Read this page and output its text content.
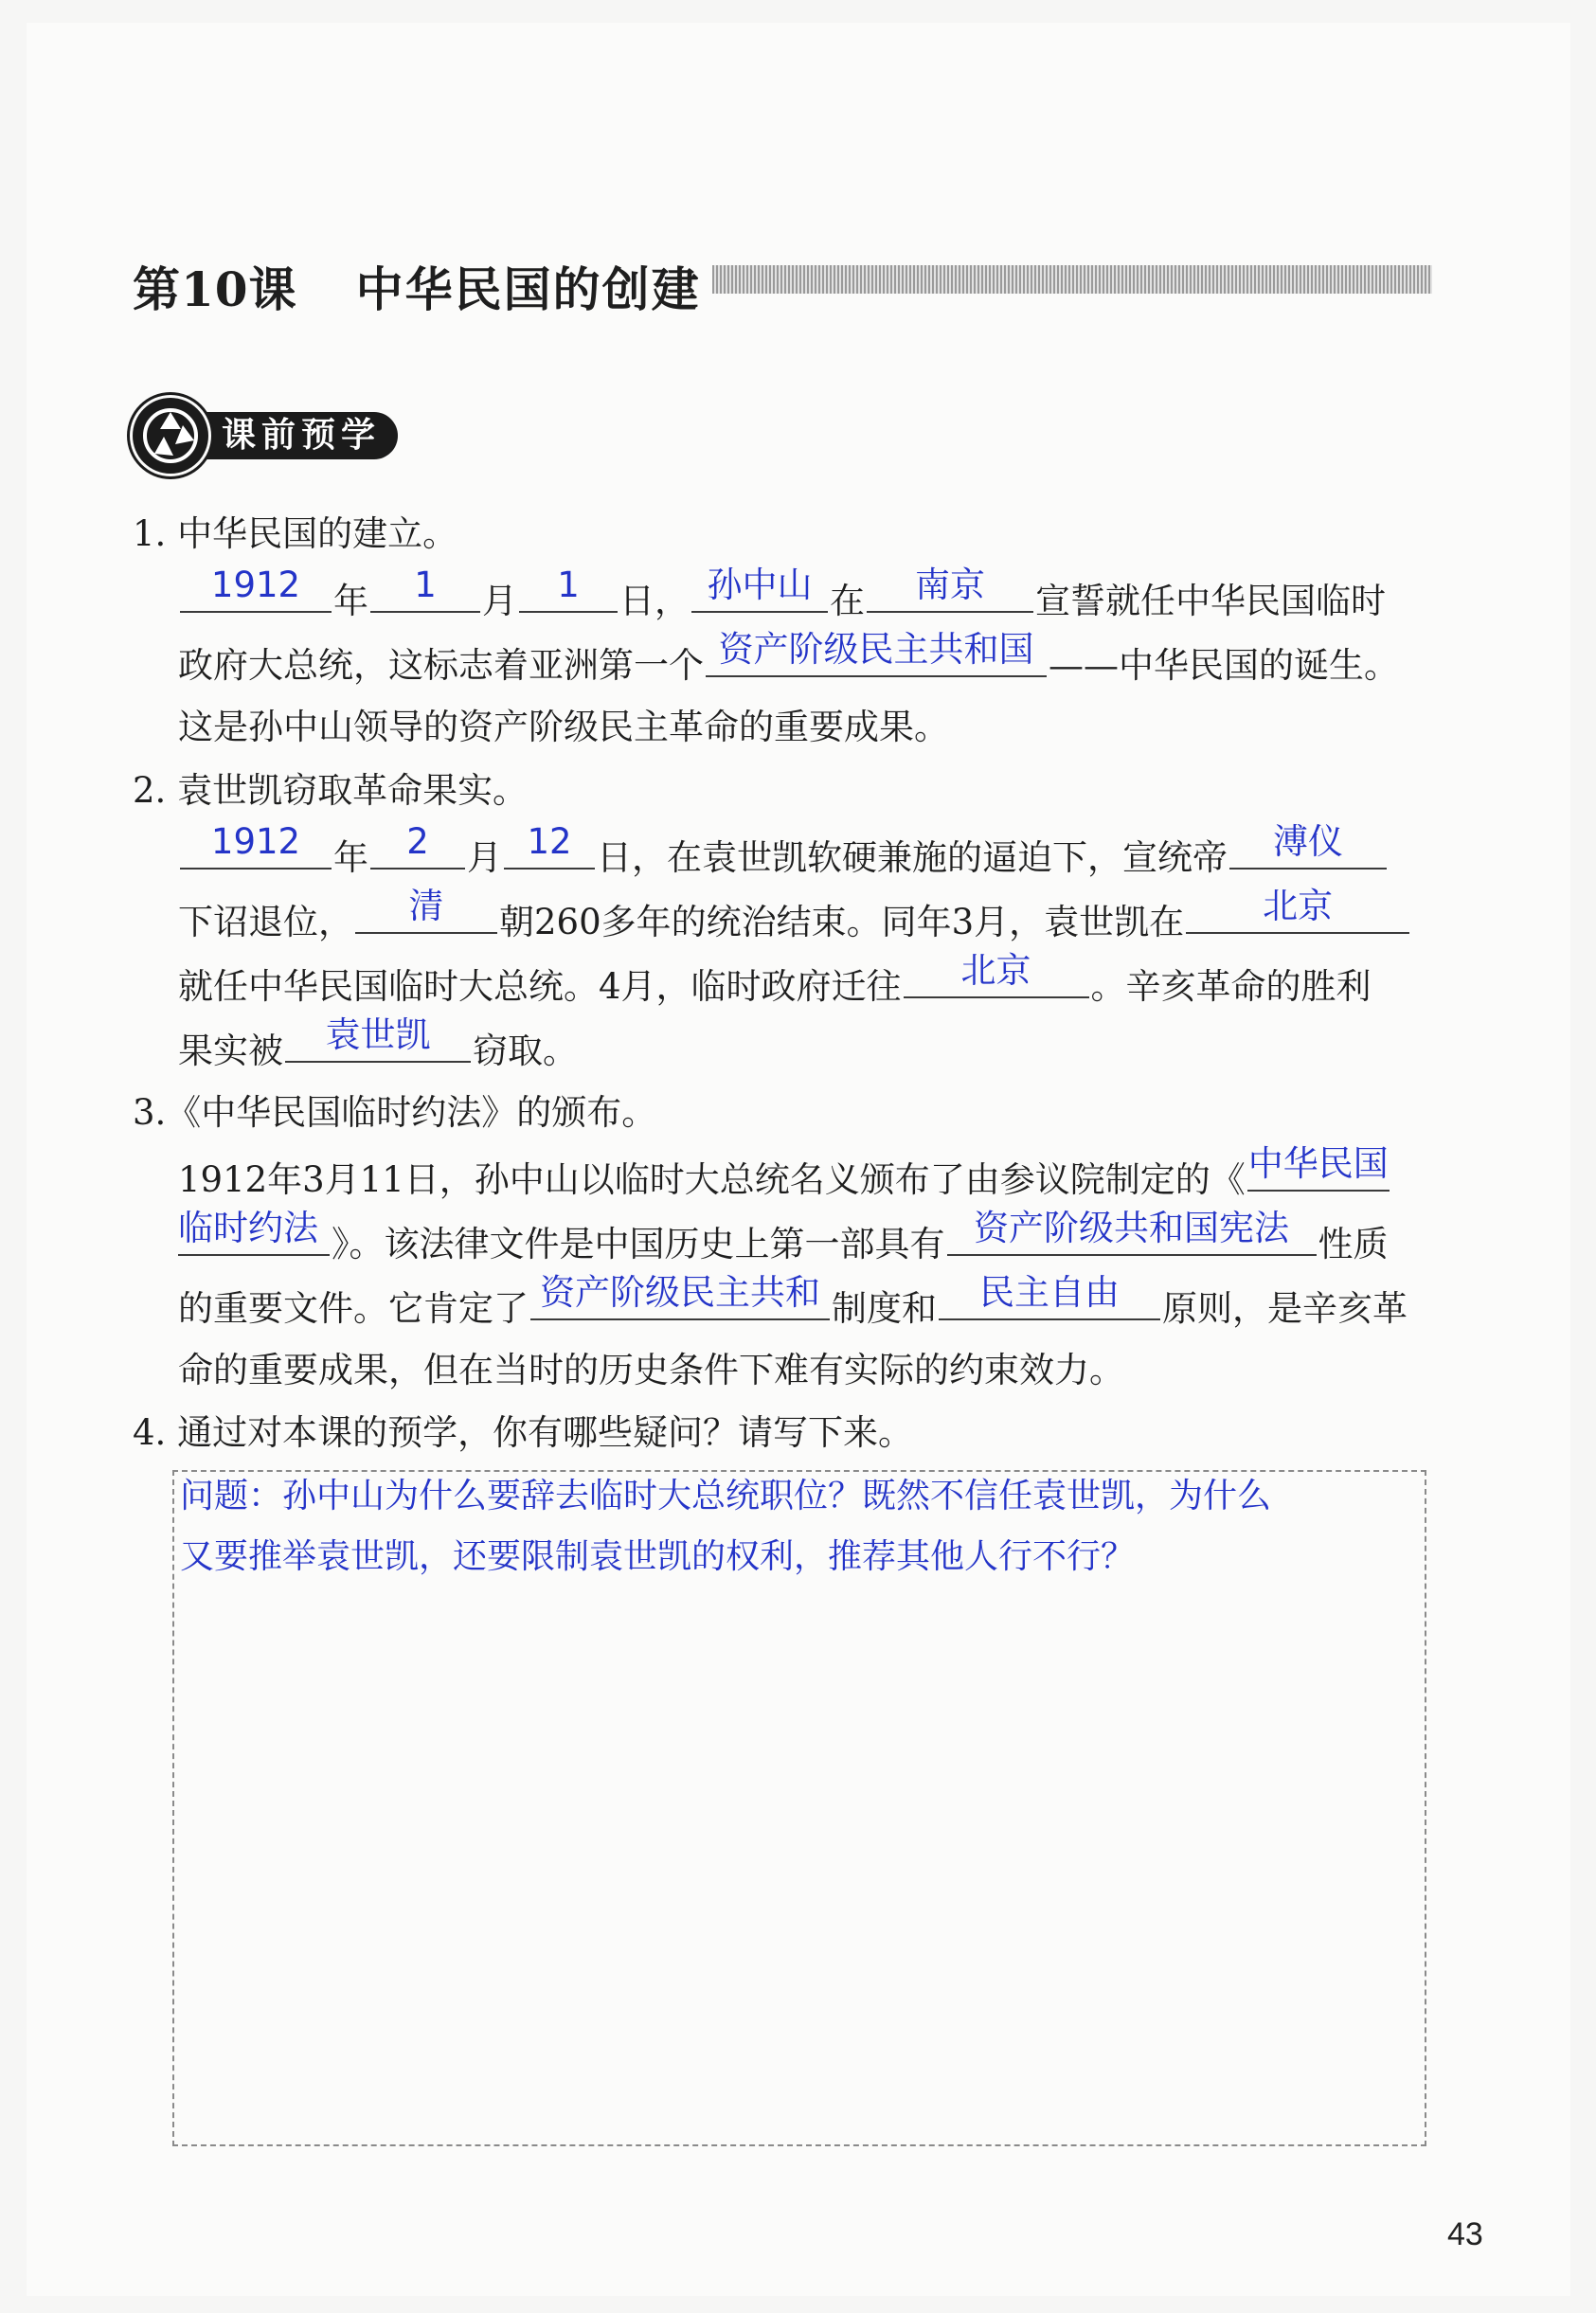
第10课 中华民国的创建
课前预学
1. 中华民国的建立。
1912 年	1	月	1	日， 孙中山 在	南京	宣誓就任中华民国临时
政府大总统，这标志着亚洲第一个 资产阶级民主共和国 ——中华民国的诞生。
这是孙中山领导的资产阶级民主革命的重要成果。
2. 袁世凯窃取革命果实。
1912 年	2	月 12 日，在袁世凯软硬兼施的逼迫下，宣统帝	溥仪
下诏退位，	清	朝260多年的统治结束。同年3月，袁世凯在	北京
就任中华民国临时大总统。4月，临时政府迁往	北京	。辛亥革命的胜利
果实被	袁世凯	窃取。
3.《中华民国临时约法》的颁布。
1912年3月11日，孙中山以临时大总统名义颁布了由参议院制定的《 中华民国
临时约法 》。该法律文件是中国历史上第一部具有 资产阶级共和国宪法 性质
的重要文件。它肯定了 资产阶级民主共和 制度和	民主自由	原则，是辛亥革
命的重要成果，但在当时的历史条件下难有实际的约束效力。
4. 通过对本课的预学，你有哪些疑问？请写下来。
问题：孙中山为什么要辞去临时大总统职位？既然不信任袁世凯，为什么
又要推举袁世凯，还要限制袁世凯的权利，推荐其他人行不行？
43
